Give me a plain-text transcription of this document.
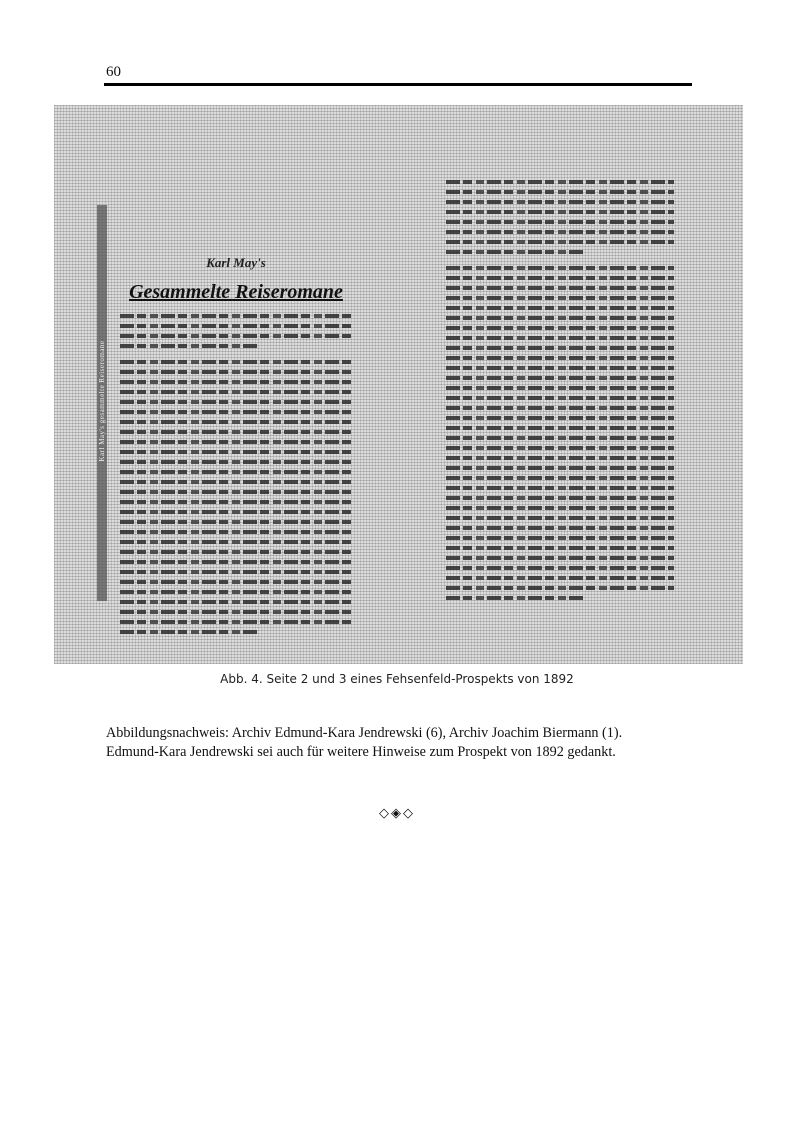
60
Karl May's gesammelte Reiseromane
Karl May's
Gesammelte Reiseromane
Abb. 4. Seite 2 und 3 eines Fehsenfeld-Prospekts von 1892

Abbildungsnachweis: Archiv Edmund-Kara Jendrewski (6), Archiv Joachim Biermann (1).

Edmund-Kara Jendrewski sei auch für weitere Hinweise zum Prospekt von 1892 gedankt.

◇◈◇
